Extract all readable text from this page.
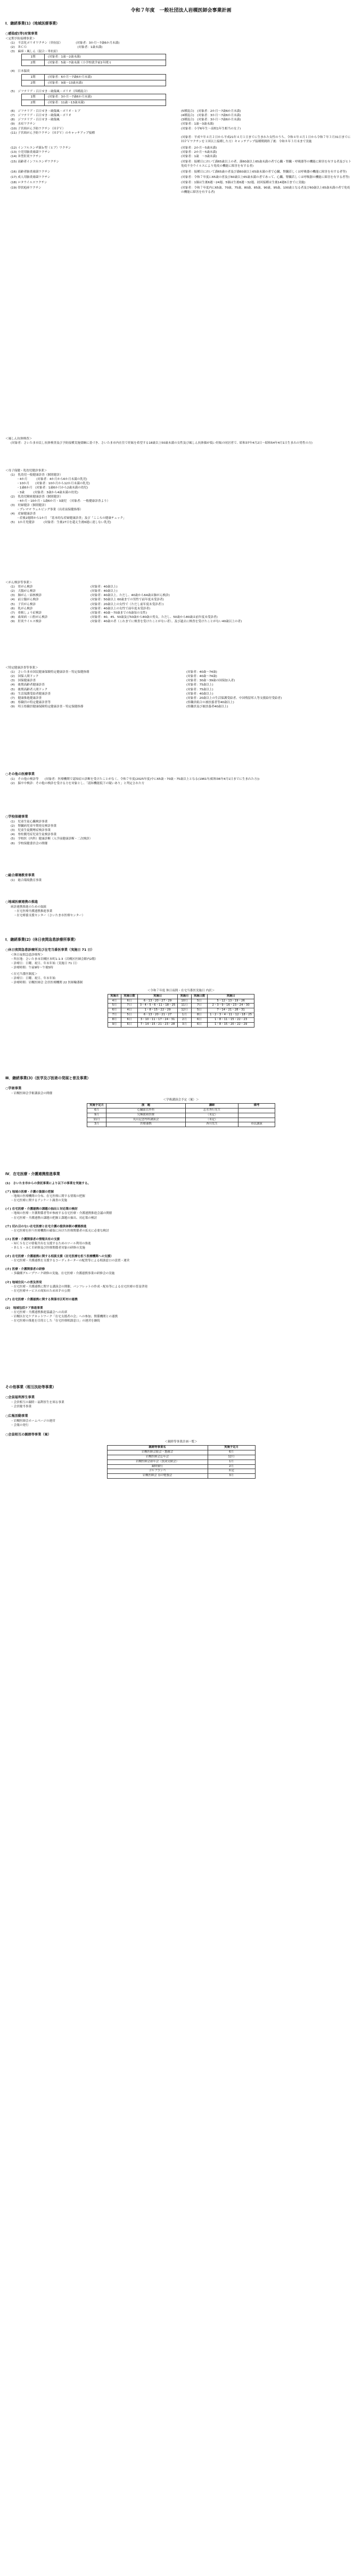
令和７年度　一般社団法人岩槻医師会事業計画
Ⅰ．継続事業(1)（地域医療事業）
○感染症(等)対策事業
＜定期予防接種事業＞
(1)　不活化ポリオワクチン（単抗原）　　　　　(対象者：3か月〜7歳6か月未満)
(2)　ＢＣＧ　　　　　　　　　　　　　　　　　(対象者：1歳未満)
(3)　麻疹・風しん（混合・単抗原）
1期	(対象者：1歳〜2歳未満)
2期	(対象者：5歳〜7歳未満（小学校就学前1年間）)
(4)　日本脳炎
1期	(対象者：6か月〜7歳6か月未満)
2期	(対象者：9歳〜13歳未満)
(5)　ジフテリア・百日せき・破傷風・ポリオ（四種混合）
1期	(対象者：3か月〜7歳6か月未満)
2期	(対象者：11歳〜13歳未満)
(6)　ジフテリア・百日せき・破傷風・ポリオ・ヒブ	(5種混合)　(対象者：2か月〜7歳6か月未満)
(7)　ジフテリア・百日せき・破傷風・ポリオ	(4種混合)　(対象者：3か月〜7歳6か月未満)
(8)　ジフテリア・百日せき・破傷風	(3種混合)　(対象者：3か月〜7歳6か月未満)
(9)　水痘ワクチン	(対象者：1歳〜3歳未満)
(10) 子宮頸がん予防ワクチン（ＨＰＶ）	(対象者：小学6年生〜高校1年生相当の女子)
(11) 子宮頸がん予防ワクチン（ＨＰＶ）のキャッチアップ接種
(対象者：平成９年４月２日から平成21年４月１日までに生まれた女性のうち、令和４年４月１日から令和７年３月31日までにＨＰＶワクチンを１回以上接種した方）キャッチアップ接種期間終了後：令和８年３月末まで実施
(12) インフルエンザ菌ｂ型（ヒブ）ワクチン	(対象者：2か月〜5歳未満)
(13) 小児用肺炎球菌ワクチン	(対象者：2か月〜5歳未満)
(14) Ｂ型肝炎ワクチン	(対象者：1歳　〜3歳未満)
(15) 高齢者インフルエンザワクチン	(対象者：接種日において満65歳以上の者、満60歳以上65歳未満の者で心臓・腎臓・呼吸器等の機能に障害を有する者及びヒト免疫不全ウイルスにより免疫の機能に障害を有する者)
(16) 高齢者肺炎球菌ワクチン	(対象者：接種日において満65歳の者及び満60歳以上65歳未満の者で心臓、腎臓若しくは呼吸器の機能に障害を有する者等)
(17) 成人用肺炎球菌ワクチン	(対象者：令和７年度に65歳の者及び60歳以上65歳未満の者であって、心臓、腎臓若しくは呼吸器の機能に障害を有する者等)
(18) ロタウイルスワクチン	(対象者：1価は生後6週〜24週、5価は生後6週〜32週。初回接種は生後14週6日までに実施)
(19) 帯状疱疹ワクチン	(対象者：令和７年度内に65歳、70歳、75歳、80歳、85歳、90歳、95歳、100歳となる者及び60歳以上65歳未満の者で免疫の機能に障害を有する者)
＜風しん抗体検査＞
(対象者：さいたま市民し抗体検査及び予防接種実施要綱に基づき、さいたま市内在住で妊娠を希望する18歳以上50歳未満の女性及び風しん抗体価が低い妊娠の同居者で、昭和37年4月2日〜昭和54年4月1日生まれの男性の方)
＜母子保健・乳幼児健診事業＞
(1)　乳幼児一般健康診査（個別健診）
　　・4か月　　　(対象者：4か月から6か月未満の乳児)
　　・10か月　　(対象者：10か月から12か月未満の乳児)
　　・1歳6か月　(対象者：1歳6か月から2歳未満の幼児)
　　・3歳　　　(対象者：3歳から4歳未満の幼児)
(2)　乳幼児精密健康診査（個別健診）
　　・4か月・10か月・1歳6か月・3歳児　（対象者：一般健康診査より）
(3)　妊婦健診（個別健診）
　　・プレママ ウェルビング事業（出産前保健指導）
(4)　産婦健康診査
　　・産後2週間から1か月　「基本的な産婦健康診査」及び「こころの健康チェック」
(5)　1か月児健診　　　(対象者：生後27日を超え生後6週に達しない乳児)
＜がん検診等事業＞
(1)　胃がん検診	(対象者：40歳以上)
(2)　大腸がん検診	(対象者：40歳以上)
(3)　肺がん・結核検診	(対象者：40歳以上。ただし、40歳から64歳は肺がん検診)
(4)　前立腺がん検診	(対象者：50歳以上 60歳までの男性で前年度未受診者)
(5)　子宮がん検診	(対象者：20歳以上の女性で（ただし前年度未受診者）)
(6)　乳がん検診	(対象者：40歳以上の女性で前年度未受診者)
(7)　骨粗しょう症検診	(対象者：40歳〜70歳までの5歳毎の女性)
(8)　歯周病・口腔がん検診	(対象者：40、45、50歳及び50歳から80歳の男女。ただし、50歳から80歳は前年度未受診者)
(9)　肝炎ウイルス検診	(対象者：40歳の者（これまでに検査を受けたことがない者）。及び過去に検査を受けたことがない40歳以上の者)
＜特定健康診査等事業＞
(1)　さいたま市国民健康保険特定健康診査・特定保健指導	(対象者：40歳〜74歳)
(2)　国保人間ドック	(対象者：40歳〜74歳)
(3)　国保健康診査	(対象者：30歳〜39歳の国保加入者)
(4)　後期高齢者健康診査	(対象者：75歳以上)
(5)　後期高齢者人間ドック	(対象者：75歳以上)
(6)　生活保護受給者健康診査	(対象者：40歳以上)
(7)　健康推進健康診査	(対象者：20歳以上の生活保護受給者、中国残留邦人等支援給付受給者)
(8)　県職員の特定健康診査等	(県職員組合の被扶養者等40歳以上)
(9)　埼玉県職員健康保険特定健康診査・特定保健指導	(県職員及び被扶養者40歳以上)
○その他の医療事業
(1)　その他の検診等　　(対象者：医療機関で認知症の診断を受けたことがなく、令和７年度(2025年度)中に65歳・70歳・75歳以上となる(1961年/昭和36年4月1日までに生まれた方))
(2)　脳卒中検診：その他の検診を受ける方を対象とし、「認知機能低下の疑いあり」と判定された方
○学校保健事業
(1)　児童生徒心臓検診事業
(2)　腎臓病児童早期発見検診事業
(3)　児童生徒側彎症検診事業
(4)　脊柱側弯症児童生徒検診事業
(5)　学校医（内科）健康診断（入学前健康診断・二次検診）
(6)　学校保健委員会の開催
○総合環境教育事業
(1)　総合環境教育事業
○地域医療連携の推進
病診連携推進のための取組
　・在宅医療介護連携推進事業
　・在宅療養支援センター（さいたま市医療センター）
Ⅰ．継続事業(2)（休日夜間急患診療所事業）
○休日夜間急患診療所及び在宅当番医事業（実施日 71 日）
＜休日夜間急患診療所＞
・所在地：さいたま市岩槻区本町1-1-3（岩槻区医師会館内2階）
・診療日：日曜、祝日、年末年始（実施日 71 日）
・診療時間：午前9時〜午後5時
＜在宅当番医制度＞
・診療日：日曜、祝日、年末年始
・診療時間：岩槻医師会 会員医療機関 22 医師輪番制
＜令和７年度 休日夜間・在宅当番医実施日 内訳＞
実施月	実施日数	実施日	実施月	実施日数	実施日
4月	6日	6・13・20・27・29	10月	5日	5・12・13・19・26
5月	7日	3・4・5・6・11・18・25	11月	7日	2・3・9・16・23・24・30
6月	4日	1・8・15・22・29	12月	5日	7・14・21・28・31
7月	5日	6・13・20・21・27	1月	8日	1・2・3・4・11・12・18・25
8月	6日	3・10・11・17・24・31	2月	6日	1・8・11・15・22・23
9月	6日	7・14・15・21・23・28	3月	6日	1・8・15・20・22・29
Ⅲ．継続事業(3)（医学及び医術の発展と普及事業）
○学術事業
・岩槻医師会学術講演会の開催
＜学術講演会予定（案）＞
実施予定月	演　題	講師	備考
6月	心臓血管外科	志水秀行先生	
9月	究極緩和医療	（未定）	
11月	丸山記念内科講演会	（未定）	
3月	医療連携	西川先生	市民講演
Ⅳ．在宅医療・介護連携推進事業
(1)　さいたま市からの委託事業により以下の事業を実施する。
(ア) 地域の医療・介護の資源の把握
・地域の医療機関の分布、在宅医療に関する情報の把握
・在宅医療に関するアンケート調査の実施
(イ) 在宅医療・介護連携の課題の抽出と対応策の検討
・地域の医療・介護関係者等が参画する在宅医療・介護連携推進会議の開催
・在宅医療・介護連携の課題の把握と課題の抽出、対応策の検討
(ウ) 切れ目のない在宅医療と在宅介護の提供体制の構築推進
・在宅医療を担う医療機関の確保に向けた医療関係者の拡充に必要な検討
(エ) 医療・介護関係者の情報共有の支援
・ＭＣＳなどの情報共有を支援するためのツール利用の推進
・ＢＬＳ・ＡＣＥ研修及び医療関係者対象の研修の実施
(オ) 在宅医療・介護連携に関する相談支援（在宅医療を担う医療機関への支援）
・在宅医療・介護連携を支援するコーディネーターの配置等による相談窓口の設置・運営
(カ) 医療・介護関係者の研修
・多職種グループワーク研修の実施、在宅医療・介護連携事業の研修会の実施
(キ) 地域住民への普及啓発
・在宅医療・介護連携に関する講演会の開催、パンフレットの作成・配布等による在宅医療の普及啓発
・在宅医療サービスの周知のためＨＰの公開
(ク) 在宅医療・介護連携に関する関係市区町村の連携
(2)　地域包括ケア推進事業
・在宅医療・介護連携推進協議会への出席
・岩槻区在宅ケアネットワーク「在宅支援者の会」への参加、関係機関との連携
・在宅医療の推進を目的とした「在宅医療相談窓口」の運営を継続
その他事業（相互扶助等事業）
○会員福利厚生事業
・会員相互の親睦・福利厚生を図る事業
・会員慶弔事業
○広報活動事業
・岩槻医師会ホームページの運営
・会報の発行
○会員相互の親睦等事業（案）
＜親睦等事業計画一覧＞
親睦等事業名	実施予定月
岩槻医師会総会・懇親会	6月
岩槻医師会忘年会	12月
岩槻医師会新年会（賀詞交歓会）	1月
親睦旅行	2月
ゴルフコンペ	未定
岩槻医師会 春の勉強会	3月
